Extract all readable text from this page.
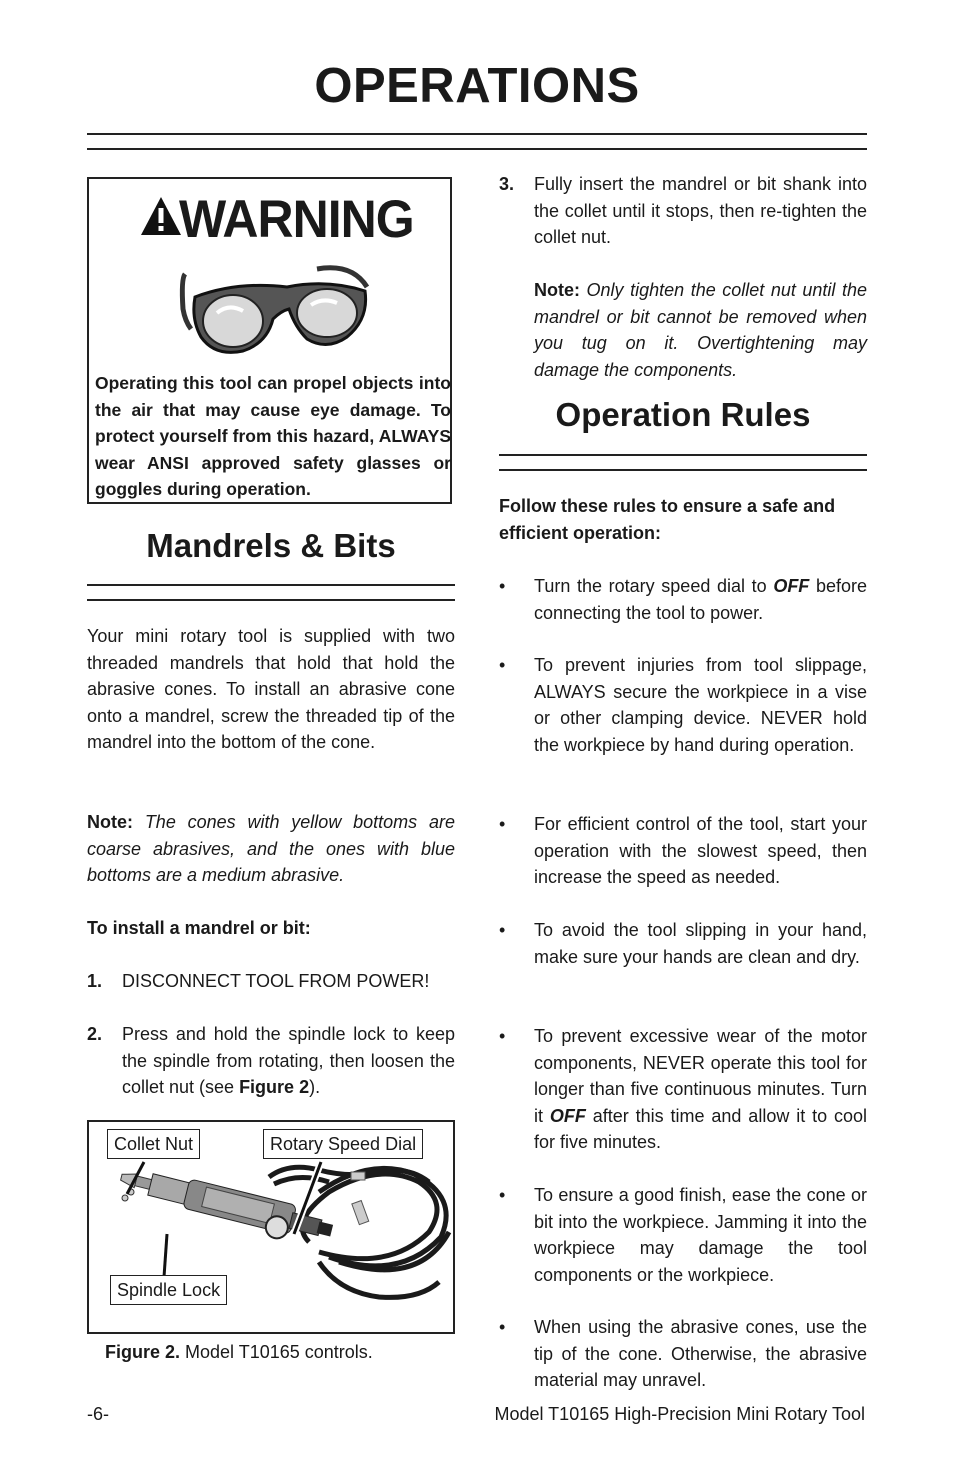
OPERATIONS
WARNING
Operating this tool can propel objects into the air that may cause eye damage. To protect yourself from this hazard, ALWAYS wear ANSI approved safety glasses or goggles during operation.
Mandrels & Bits
Your mini rotary tool is supplied with two threaded mandrels that hold that hold the abrasive cones. To install an abrasive cone onto a mandrel, screw the threaded tip of the mandrel into the bottom of the cone.
Note: The cones with yellow bottoms are coarse abrasives, and the ones with blue bottoms are a medium abrasive.
To install a mandrel or bit:
1. DISCONNECT TOOL FROM POWER!
2. Press and hold the spindle lock to keep the spindle from rotating, then loosen the collet nut (see Figure 2).
Collet Nut	Rotary Speed Dial
Spindle Lock
Figure 2. Model T10165 controls.
3. Fully insert the mandrel or bit shank into the collet until it stops, then re-tighten the collet nut.
Note: Only tighten the collet nut until the mandrel or bit cannot be removed when you tug on it. Overtightening may damage the components.
Operation Rules
Follow these rules to ensure a safe and efficient operation:
• Turn the rotary speed dial to OFF before connecting the tool to power.
• To prevent injuries from tool slippage, ALWAYS secure the workpiece in a vise or other clamping device. NEVER hold the workpiece by hand during operation.
• For efficient control of the tool, start your operation with the slowest speed, then increase the speed as needed.
• To avoid the tool slipping in your hand, make sure your hands are clean and dry.
• To prevent excessive wear of the motor components, NEVER operate this tool for longer than five continuous minutes. Turn it OFF after this time and allow it to cool for five minutes.
• To ensure a good finish, ease the cone or bit into the workpiece. Jamming it into the workpiece may damage the tool components or the workpiece.
• When using the abrasive cones, use the tip of the cone. Otherwise, the abrasive material may unravel.
-6-	Model T10165 High-Precision Mini Rotary Tool
